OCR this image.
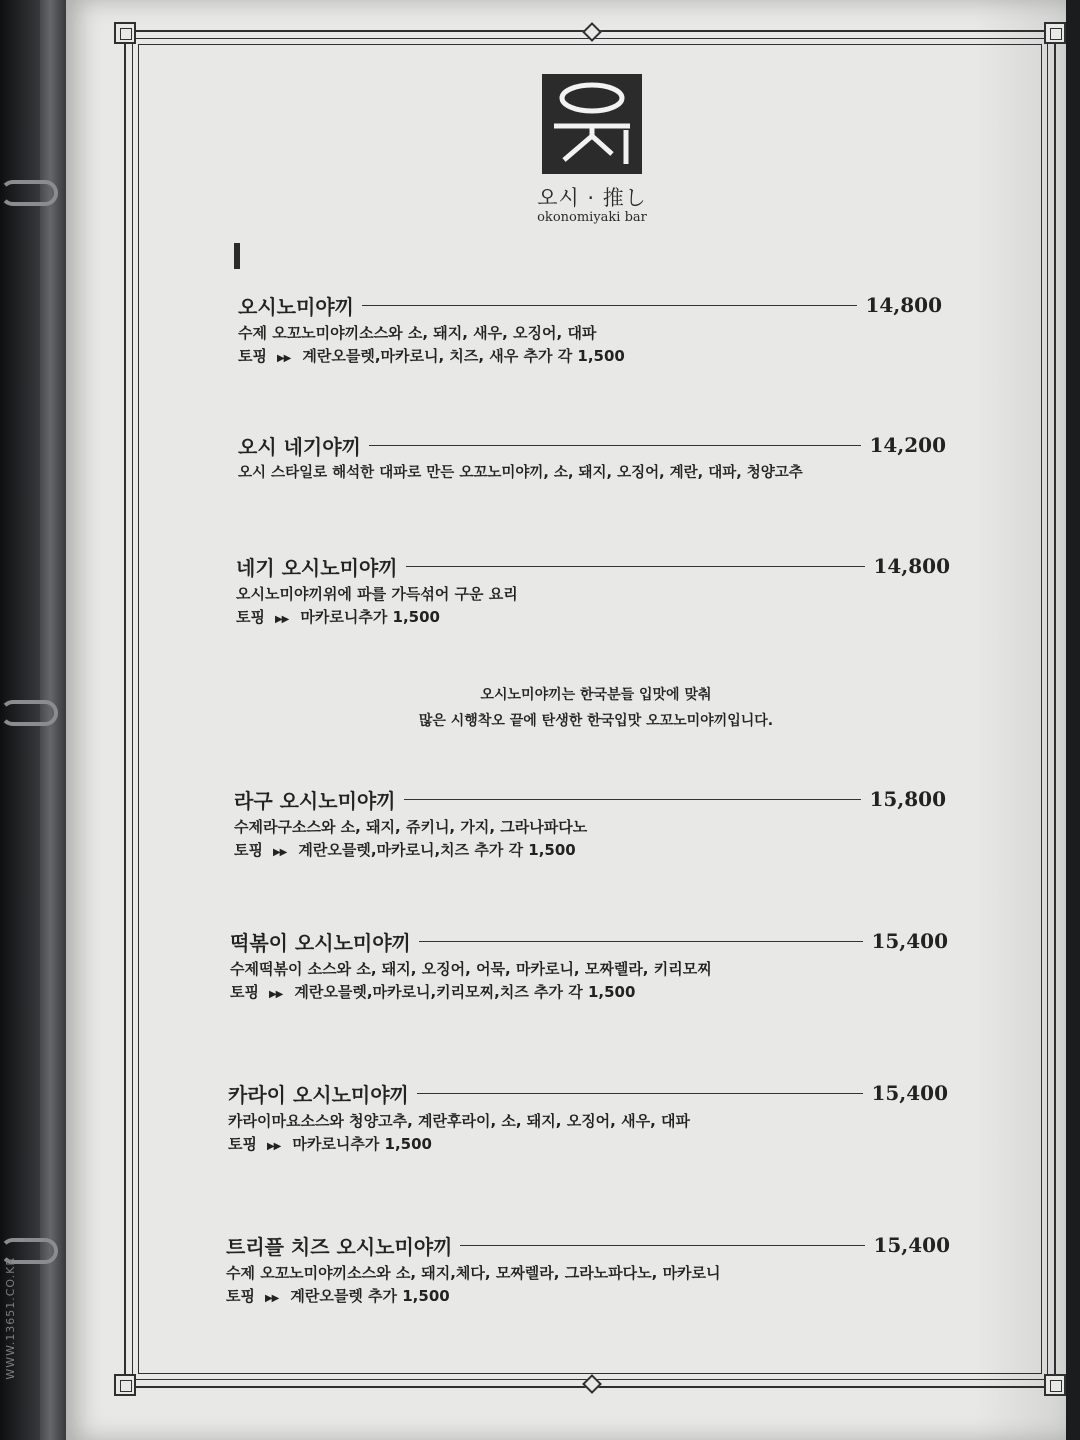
WWW.13651.CO.KR
오시 · 推し
okonomiyaki bar
오시노미야끼	14,800
수제 오꼬노미야끼소스와 소, 돼지, 새우, 오징어, 대파
토핑 ▶▶ 계란오믈렛,마카로니, 치즈, 새우 추가 각 1,500
오시 네기야끼	14,200
오시 스타일로 해석한 대파로 만든 오꼬노미야끼, 소, 돼지, 오징어, 계란, 대파, 청양고추
네기 오시노미야끼	14,800
오시노미야끼위에 파를 가득섞어 구운 요리
토핑 ▶▶ 마카로니추가 1,500
오시노미야끼는 한국분들 입맛에 맞춰
많은 시행착오 끝에 탄생한 한국입맛 오꼬노미야끼입니다.
라구 오시노미야끼	15,800
수제라구소스와 소, 돼지, 쥬키니, 가지, 그라나파다노
토핑 ▶▶ 계란오믈렛,마카로니,치즈 추가 각 1,500
떡볶이 오시노미야끼	15,400
수제떡볶이 소스와 소, 돼지, 오징어, 어묵, 마카로니, 모짜렐라, 키리모찌
토핑 ▶▶ 계란오믈렛,마카로니,키리모찌,치즈 추가 각 1,500
카라이 오시노미야끼	15,400
카라이마요소스와 청양고추, 계란후라이, 소, 돼지, 오징어, 새우, 대파
토핑 ▶▶ 마카로니추가 1,500
트리플 치즈 오시노미야끼	15,400
수제 오꼬노미야끼소스와 소, 돼지,체다, 모짜렐라, 그라노파다노, 마카로니
토핑 ▶▶ 계란오믈렛 추가 1,500
